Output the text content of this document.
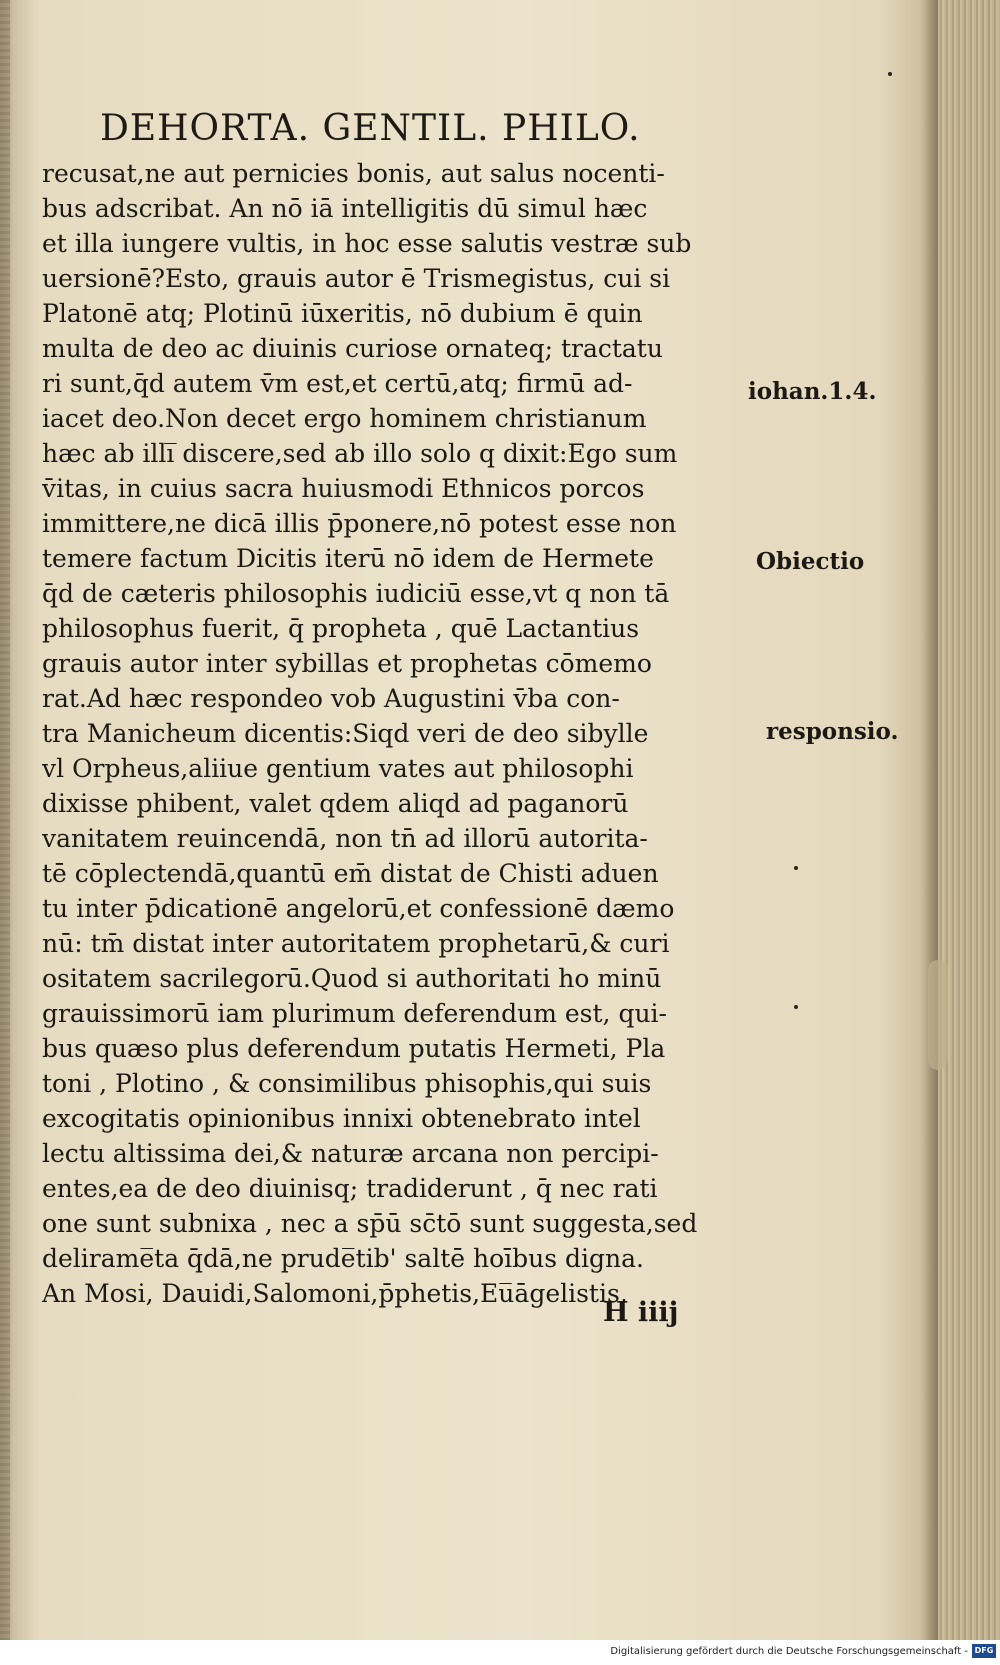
DEHORTA. GENTIL. PHILO.
recusat,ne aut pernicies bonis, aut salus nocenti-
bus adscribat. An nō iā intelligitis dū simul hæc
et illa iungere vultis, in hoc esse salutis vestræ sub
uersionē?Esto, grauis autor ē Trismegistus, cui si
Platonē atq; Plotinū iūxeritis, nō dubium ē quin
multa de deo ac diuinis curiose ornateq; tractatu
ri sunt,q̄d autem v̄m est,et certū,atq; firmū ad-
iacet deo.Non decet ergo hominem christianum
hæc ab illi̅ discere,sed ab illo solo q dixit:Ego sum
v̄itas, in cuius sacra huiusmodi Ethnicos porcos
immittere,ne dicā illis p̄ponere,nō potest esse non
temere factum Dicitis iterū nō idem de Hermete
q̄d de cæteris philosophis iudiciū esse,vt q non tā
philosophus fuerit, q̄ propheta , quē Lactantius
grauis autor inter sybillas et prophetas cōmemo
rat.Ad hæc respondeo vob Augustini v̄ba con-
tra Manicheum dicentis:Siqd veri de deo sibylle
vl Orpheus,aliiue gentium vates aut philosophi
dixisse phibent, valet qdem aliqd ad paganorū
vanitatem reuincendā, non tn̄ ad illorū autorita-
tē cōplectendā,quantū em̄ distat de Chisti aduen
tu inter p̄dicationē angelorū,et confessionē dæmo
nū: tm̄ distat inter autoritatem prophetarū,& curi
ositatem sacrilegorū.Quod si authoritati ho minū
grauissimorū iam plurimum deferendum est, qui-
bus quæso plus deferendum putatis Hermeti, Pla
toni , Plotino , & consimilibus phisophis,qui suis
excogitatis opinionibus innixi obtenebrato intel
lectu altissima dei,& naturæ arcana non percipi-
entes,ea de deo diuinisq; tradiderunt , q̄ nec rati
one sunt subnixa , nec a sp̄ū sc̄tō sunt suggesta,sed
delirame̅ta q̄dā,ne prude̅tib' saltē hoībus digna.
An Mosi, Dauidi,Salomoni,p̄phetis,Eu̅āgelistis,
iohan.1.4.
Obiectio
responsio.
H iiij
Digitalisierung gefördert durch die Deutsche Forschungsgemeinschaft - DFG
